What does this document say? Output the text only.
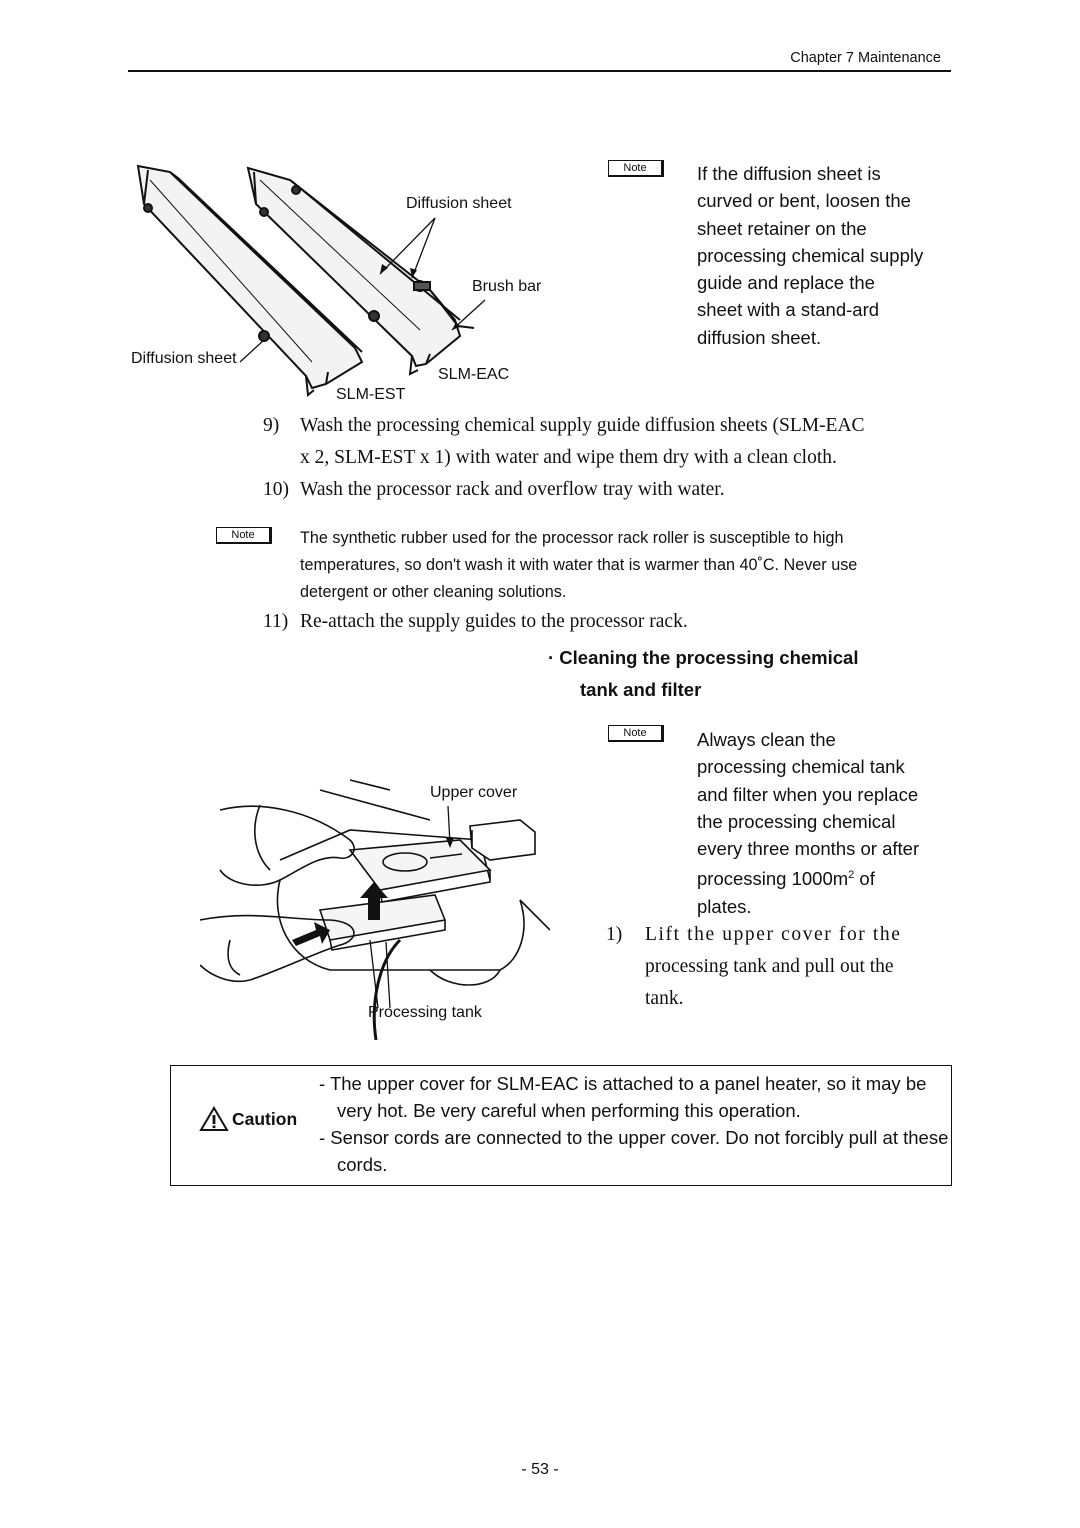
Chapter 7 Maintenance
Diffusion sheet
Brush bar
Diffusion sheet
SLM-EAC
SLM-EST
Note	If the diffusion sheet is
curved or bent, loosen the
sheet retainer on the
processing chemical supply
guide and replace the
sheet with a stand-ard
diffusion sheet.
9) Wash the processing chemical supply guide diffusion sheets (SLM-EAC
x 2, SLM-EST x 1) with water and wipe them dry with a clean cloth.
10) Wash the processor rack and overflow tray with water.
Note	The synthetic rubber used for the processor rack roller is susceptible to high
temperatures, so don't wash it with water that is warmer than 40˚C. Never use
detergent or other cleaning solutions.
11) Re-attach the supply guides to the processor rack.
· Cleaning the processing chemical
tank and filter
Upper cover
Processing tank
Note	Always clean the
processing chemical tank
and filter when you replace
the processing chemical
every three months or after
processing $1000m^2$ of
plates.
1) Lift the upper cover for the
processing tank and pull out the
tank.
Caution
- The upper cover for SLM-EAC is attached to a panel heater, so it may be very hot. Be very careful when performing this operation.
- Sensor cords are connected to the upper cover. Do not forcibly pull at these cords.
- 53 -
